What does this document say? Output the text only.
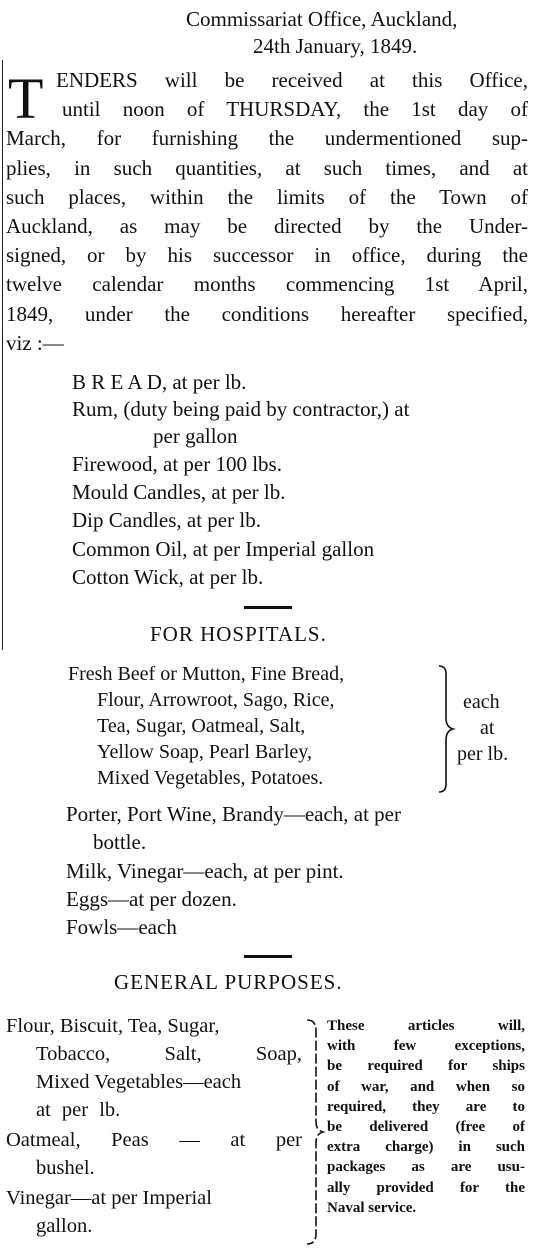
Commissariat Office, Auckland,
24th January, 1849.
T ENDERS will be received at this Office,
until noon of THURSDAY, the 1st day of
March, for furnishing the undermentioned sup-
plies, in such quantities, at such times, and at
such places, within the limits of the Town of
Auckland, as may be directed by the Under-
signed, or by his successor in office, during the
twelve calendar months commencing 1st April,
1849, under the conditions hereafter specified,
viz :—
B R E A D, at per lb.
Rum, (duty being paid by contractor,) at
per gallon
Firewood, at per 100 lbs.
Mould Candles, at per lb.
Dip Candles, at per lb.
Common Oil, at per Imperial gallon
Cotton Wick, at per lb.
FOR HOSPITALS.
Fresh Beef or Mutton, Fine Bread,
Flour, Arrowroot, Sago, Rice,
Tea, Sugar, Oatmeal, Salt,
Yellow Soap, Pearl Barley,
Mixed Vegetables, Potatoes.
each
at
per lb.
Porter, Port Wine, Brandy—each, at per
bottle.
Milk, Vinegar—each, at per pint.
Eggs—at per dozen.
Fowls—each
GENERAL PURPOSES.
Flour, Biscuit, Tea, Sugar,
Tobacco, Salt, Soap,
Mixed Vegetables—each
at per lb.
Oatmeal, Peas — at per
bushel.
Vinegar—at per Imperial
gallon.
These articles will,
with few exceptions,
be required for ships
of war, and when so
required, they are to
be delivered (free of
extra charge) in such
packages as are usu-
ally provided for the
Naval service.
